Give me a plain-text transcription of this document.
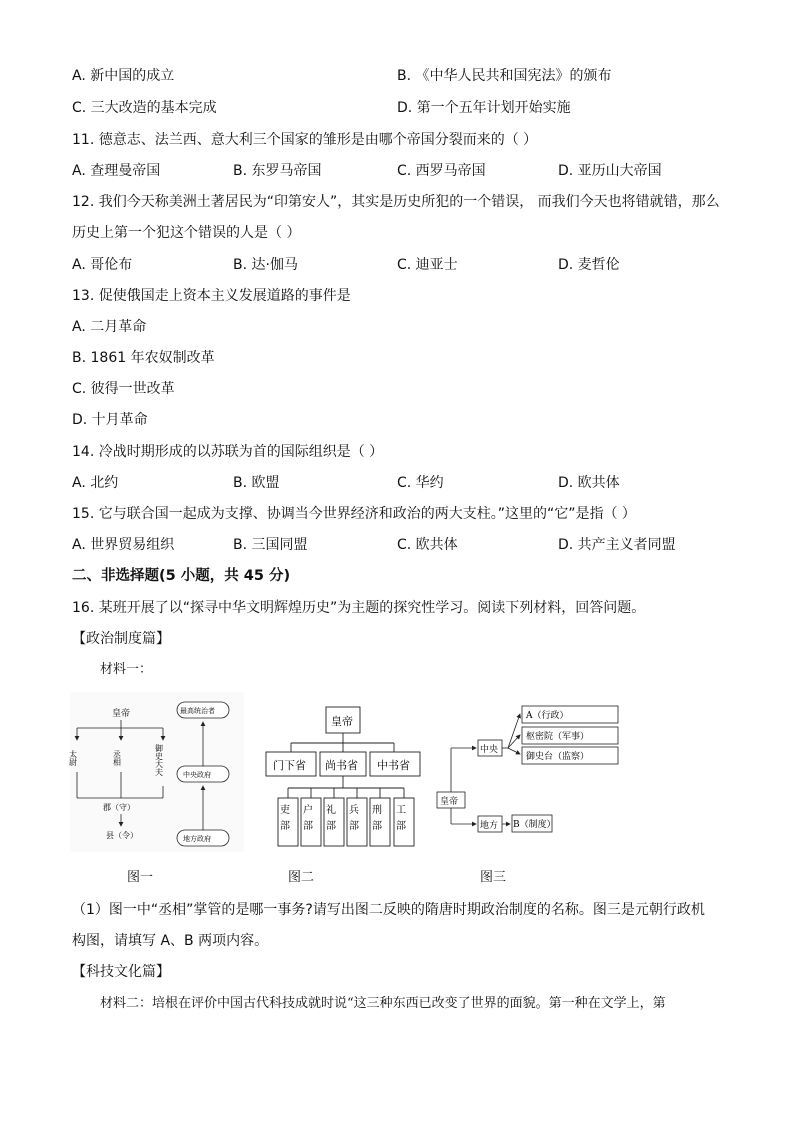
A. 新中国的成立	B. 《中华人民共和国宪法》的颁布
C. 三大改造的基本完成	D. 第一个五年计划开始实施
11. 德意志、法兰西、意大利三个国家的雏形是由哪个帝国分裂而来的（ ）
A. 查理曼帝国	B. 东罗马帝国	C. 西罗马帝国	D. 亚历山大帝国
12. 我们今天称美洲土著居民为“印第安人”，其实是历史所犯的一个错误， 而我们今天也将错就错，那么
历史上第一个犯这个错误的人是（ ）
A. 哥伦布	B. 达·伽马	C. 迪亚士	D. 麦哲伦
13. 促使俄国走上资本主义发展道路的事件是
A. 二月革命
B. 1861 年农奴制改革
C. 彼得一世改革
D. 十月革命
14. 冷战时期形成的以苏联为首的国际组织是（ ）
A. 北约	B. 欧盟	C. 华约	D. 欧共体
15. 它与联合国一起成为支撑、协调当今世界经济和政治的两大支柱。”这里的“它”是指（ ）
A. 世界贸易组织	B. 三国同盟	C. 欧共体	D. 共产主义者同盟
二、非选择题(5 小题，共 45 分)
16. 某班开展了以“探寻中华文明辉煌历史”为主题的探究性学习。阅读下列材料，回答问题。
【政治制度篇】
材料一：
皇帝
太尉	丞相	御史大夫
郡（守）
县（令）
最高统治者
中央政府
地方政府
皇帝
门下省 尚书省 中书省
吏部 户部 礼部 兵部 刑部 工部
皇帝
中央
A（行政）
枢密院（军事）
御史台（监察）
地方 B（制度）
图一	图二	图三
（1）图一中“丞相”掌管的是哪一事务?请写出图二反映的隋唐时期政治制度的名称。图三是元朝行政机
构图，请填写 A、B 两项内容。
【科技文化篇】
材料二：培根在评价中国古代科技成就时说“这三种东西已改变了世界的面貌。第一种在文学上，第
